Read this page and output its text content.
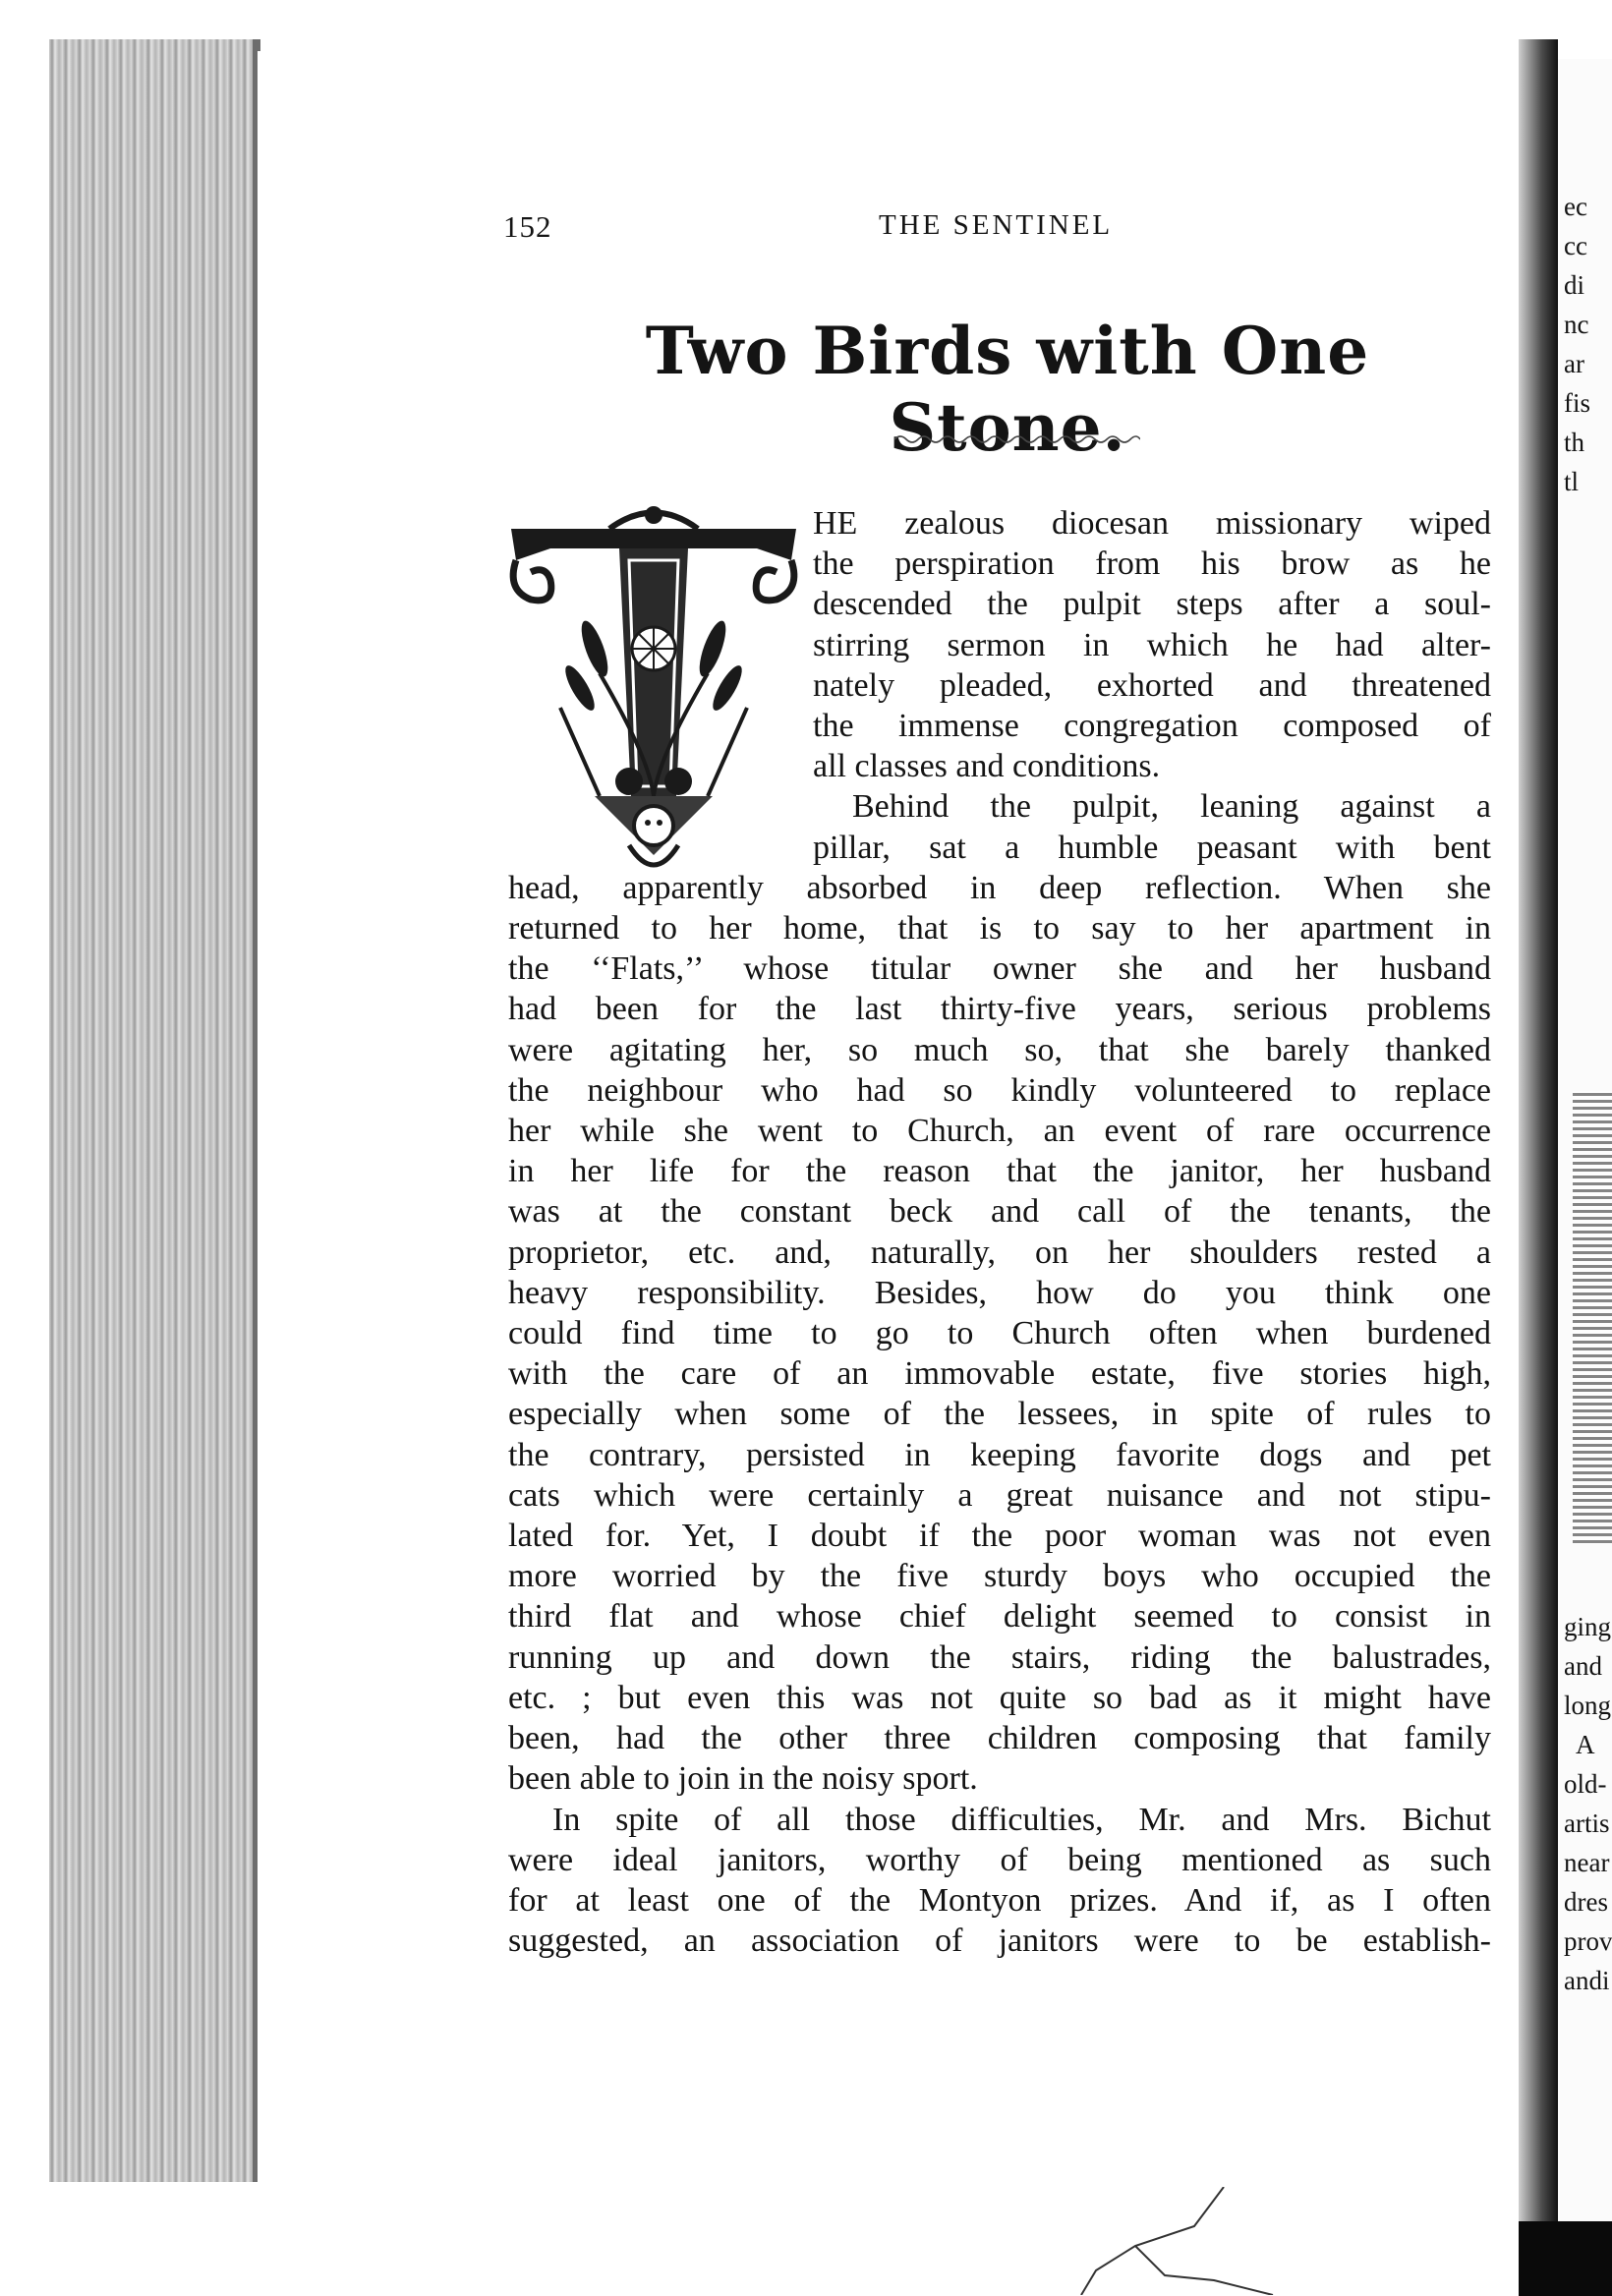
ec
cc
di
nc
ar
fis
th
tl
ging
and
long
A
old-
artis
near
dres
prov
andi
152	THE SENTINEL
Two Birds with One Stone.
HE zealous diocesan missionary wiped
the perspiration from his brow as he
descended the pulpit steps after a soul-
stirring sermon in which he had alter-
nately pleaded, exhorted and threatened
the immense congregation composed of
all classes and conditions.
Behind the pulpit, leaning against a
pillar, sat a humble peasant with bent
head, apparently absorbed in deep reflection. When she
returned to her home, that is to say to her apartment in
the ‘‘Flats,’’ whose titular owner she and her husband
had been for the last thirty-five years, serious problems
were agitating her, so much so, that she barely thanked
the neighbour who had so kindly volunteered to replace
her while she went to Church, an event of rare occurrence
in her life for the reason that the janitor, her husband
was at the constant beck and call of the tenants, the
proprietor, etc. and, naturally, on her shoulders rested a
heavy responsibility. Besides, how do you think one
could find time to go to Church often when burdened
with the care of an immovable estate, five stories high,
especially when some of the lessees, in spite of rules to
the contrary, persisted in keeping favorite dogs and pet
cats which were certainly a great nuisance and not stipu-
lated for. Yet, I doubt if the poor woman was not even
more worried by the five sturdy boys who occupied the
third flat and whose chief delight seemed to consist in
running up and down the stairs, riding the balustrades,
etc. ; but even this was not quite so bad as it might have
been, had the other three children composing that family
been able to join in the noisy sport.
In spite of all those difficulties, Mr. and Mrs. Bichut
were ideal janitors, worthy of being mentioned as such
for at least one of the Montyon prizes. And if, as I often
suggested, an association of janitors were to be establish-
